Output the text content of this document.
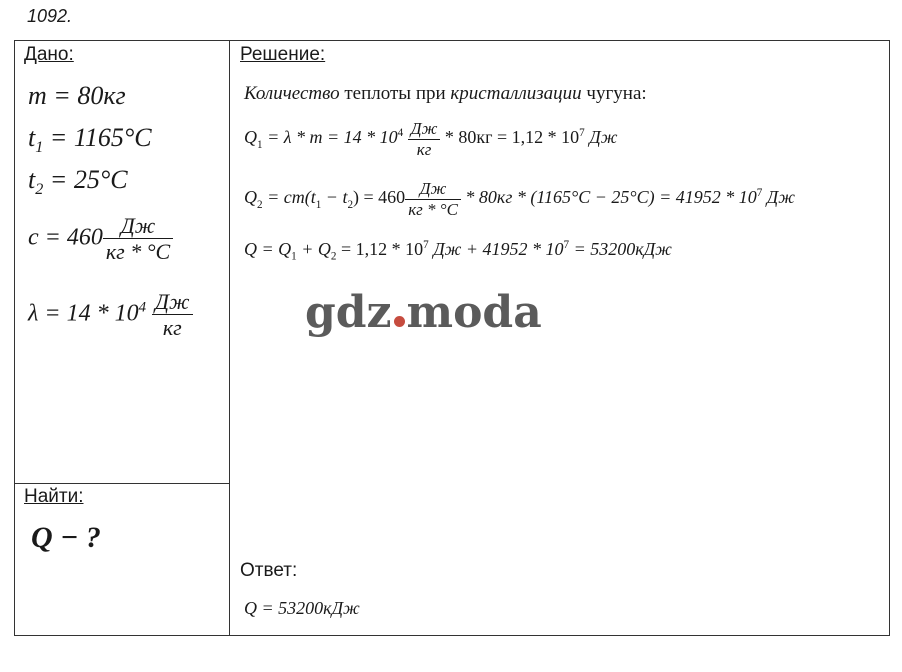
1092.
Дано:
m = 80кг
$t_1 = 1165^\circ C$
$t_2 = 25^\circ C$
$c = 460 \frac{Дж}{кг * ^\circ C}$
$\lambda = 14 * 10^4 \frac{Дж}{кг}$
Найти:
Q − ?
Решение:
Количество теплоты при кристаллизации чугуна:
$Q_1 = \lambda * m = 14 * 10^4 \frac{Дж}{кг} * 80кг = 1,12 * 10^7$ Дж
$Q_2 = cm(t_1 - t_2) = 460 \frac{Дж}{кг * ^\circ C} * 80кг * (1165^\circ C - 25^\circ C) = 41952 * 10^7$ Дж
$Q = Q_1 + Q_2 = 1,12 * 10^7$ Дж + $41952 * 10^7 = 53200кДж$
Ответ:
Q = 53200кДж
gdz moda
